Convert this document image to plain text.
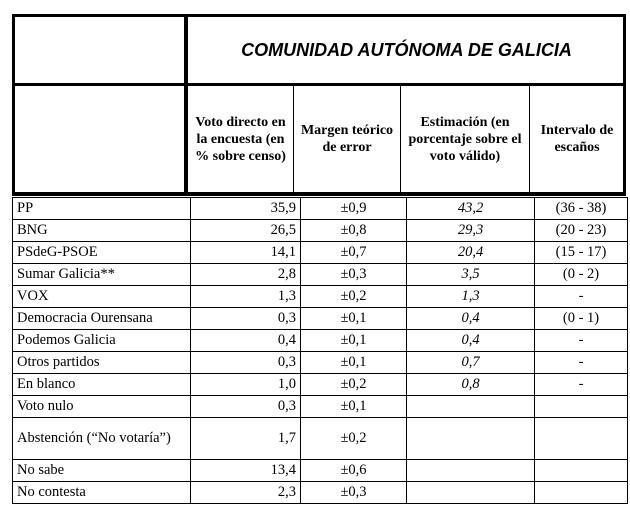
COMUNIDAD AUTÓNOMA DE GALICIA
Voto directo en la encuesta (en % sobre censo)
Margen teórico de error
Estimación (en porcentaje sobre el voto válido)
Intervalo de escaños
PP	35,9	±0,9	43,2	(36 - 38)
BNG	26,5	±0,8	29,3	(20 - 23)
PSdeG-PSOE	14,1	±0,7	20,4	(15 - 17)
Sumar Galicia**	2,8	±0,3	3,5	(0 - 2)
VOX	1,3	±0,2	1,3	-
Democracia Ourensana	0,3	±0,1	0,4	(0 - 1)
Podemos Galicia	0,4	±0,1	0,4	-
Otros partidos	0,3	±0,1	0,7	-
En blanco	1,0	±0,2	0,8	-
Voto nulo	0,3	±0,1		
Abstención (“No votaría”)	1,7	±0,2		
No sabe	13,4	±0,6		
No contesta	2,3	±0,3		
